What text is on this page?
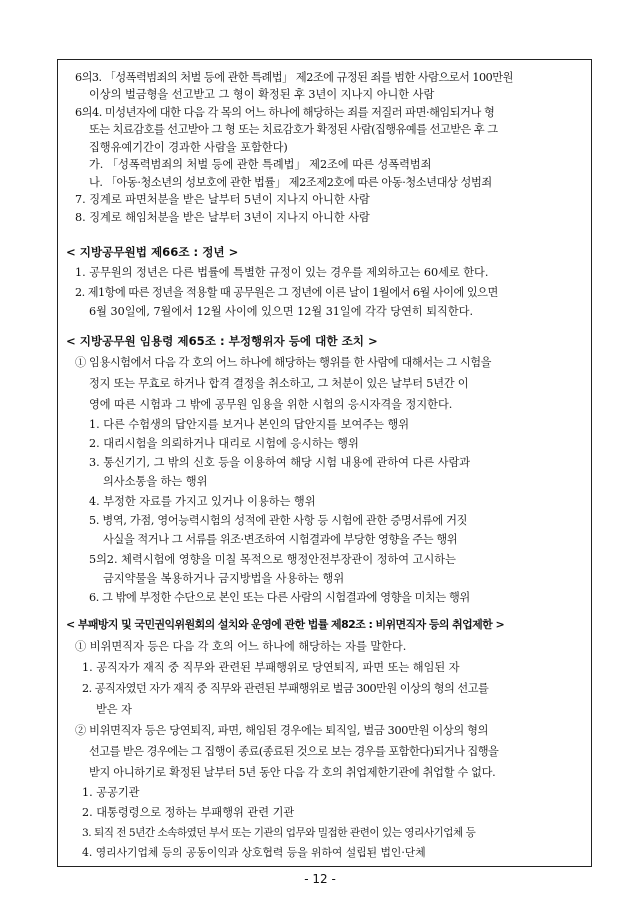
6의3. 「성폭력범죄의 처벌 등에 관한 특례법」 제2조에 규정된 죄를 범한 사람으로서 100만원
이상의 벌금형을 선고받고 그 형이 확정된 후 3년이 지나지 아니한 사람
6의4. 미성년자에 대한 다음 각 목의 어느 하나에 해당하는 죄를 저질러 파면·해임되거나 형
또는 치료감호를 선고받아 그 형 또는 치료감호가 확정된 사람(집행유예를 선고받은 후 그
집행유예기간이 경과한 사람을 포함한다)
가. 「성폭력범죄의 처벌 등에 관한 특례법」 제2조에 따른 성폭력범죄
나. 「아동·청소년의 성보호에 관한 법률」 제2조제2호에 따른 아동·청소년대상 성범죄
7. 징계로 파면처분을 받은 날부터 5년이 지나지 아니한 사람
8. 징계로 해임처분을 받은 날부터 3년이 지나지 아니한 사람
< 지방공무원법 제66조 : 정년 >
1. 공무원의 정년은 다른 법률에 특별한 규정이 있는 경우를 제외하고는 60세로 한다.
2. 제1항에 따른 정년을 적용할 때 공무원은 그 정년에 이른 날이 1월에서 6월 사이에 있으면
6월 30일에, 7월에서 12월 사이에 있으면 12월 31일에 각각 당연히 퇴직한다.
< 지방공무원 임용령 제65조 : 부정행위자 등에 대한 조치 >
① 임용시험에서 다음 각 호의 어느 하나에 해당하는 행위를 한 사람에 대해서는 그 시험을
정지 또는 무효로 하거나 합격 결정을 취소하고, 그 처분이 있은 날부터 5년간 이
영에 따른 시험과 그 밖에 공무원 임용을 위한 시험의 응시자격을 정지한다.
1. 다른 수험생의 답안지를 보거나 본인의 답안지를 보여주는 행위
2. 대리시험을 의뢰하거나 대리로 시험에 응시하는 행위
3. 통신기기, 그 밖의 신호 등을 이용하여 해당 시험 내용에 관하여 다른 사람과
의사소통을 하는 행위
4. 부정한 자료를 가지고 있거나 이용하는 행위
5. 병역, 가점, 영어능력시험의 성적에 관한 사항 등 시험에 관한 증명서류에 거짓
사실을 적거나 그 서류를 위조·변조하여 시험결과에 부당한 영향을 주는 행위
5의2. 체력시험에 영향을 미칠 목적으로 행정안전부장관이 정하여 고시하는
금지약물을 복용하거나 금지방법을 사용하는 행위
6. 그 밖에 부정한 수단으로 본인 또는 다른 사람의 시험결과에 영향을 미치는 행위
< 부패방지 및 국민권익위원회의 설치와 운영에 관한 법률 제82조 : 비위면직자 등의 취업제한 >
① 비위면직자 등은 다음 각 호의 어느 하나에 해당하는 자를 말한다.
1. 공직자가 재직 중 직무와 관련된 부패행위로 당연퇴직, 파면 또는 해임된 자
2. 공직자였던 자가 재직 중 직무와 관련된 부패행위로 벌금 300만원 이상의 형의 선고를
받은 자
② 비위면직자 등은 당연퇴직, 파면, 해임된 경우에는 퇴직일, 벌금 300만원 이상의 형의
선고를 받은 경우에는 그 집행이 종료(종료된 것으로 보는 경우를 포함한다)되거나 집행을
받지 아니하기로 확정된 날부터 5년 동안 다음 각 호의 취업제한기관에 취업할 수 없다.
1. 공공기관
2. 대통령령으로 정하는 부패행위 관련 기관
3. 퇴직 전 5년간 소속하였던 부서 또는 기관의 업무와 밀접한 관련이 있는 영리사기업체 등
4. 영리사기업체 등의 공동이익과 상호협력 등을 위하여 설립된 법인·단체
- 12 -
